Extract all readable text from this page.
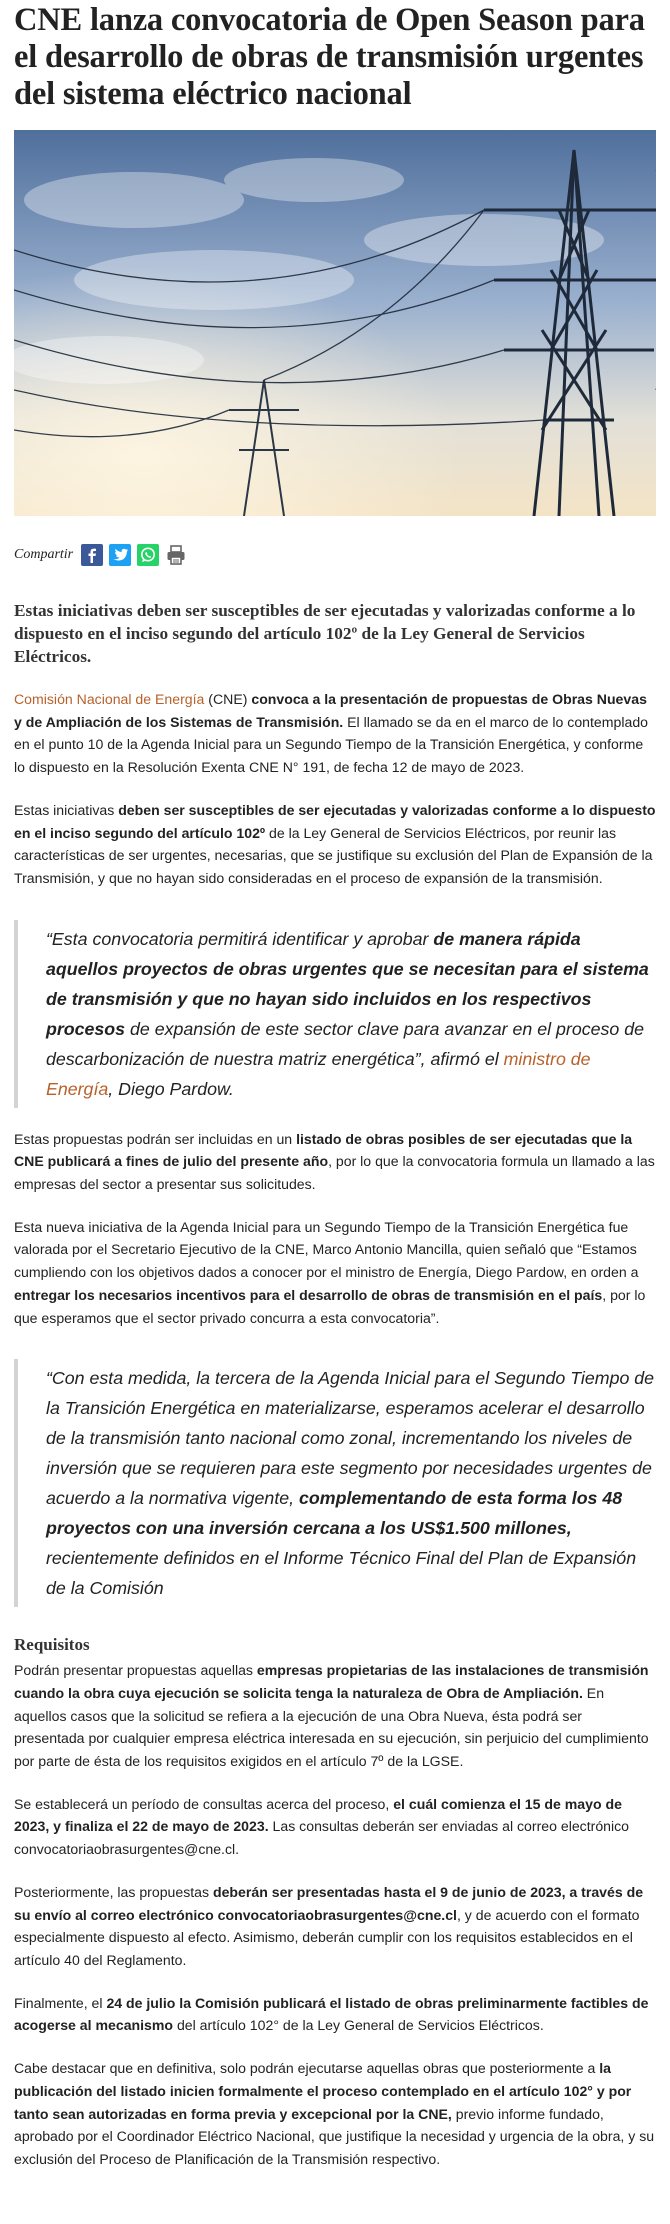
CNE lanza convocatoria de Open Season para el desarrollo de obras de transmisión urgentes del sistema eléctrico nacional
Compartir

Estas iniciativas deben ser susceptibles de ser ejecutadas y valorizadas conforme a lo dispuesto en el inciso segundo del artículo 102º de la Ley General de Servicios Eléctricos.

Comisión Nacional de Energía (CNE) convoca a la presentación de propuestas de Obras Nuevas y de Ampliación de los Sistemas de Transmisión. El llamado se da en el marco de lo contemplado en el punto 10 de la Agenda Inicial para un Segundo Tiempo de la Transición Energética, y conforme lo dispuesto en la Resolución Exenta CNE N° 191, de fecha 12 de mayo de 2023.

Estas iniciativas deben ser susceptibles de ser ejecutadas y valorizadas conforme a lo dispuesto en el inciso segundo del artículo 102º de la Ley General de Servicios Eléctricos, por reunir las características de ser urgentes, necesarias, que se justifique su exclusión del Plan de Expansión de la Transmisión, y que no hayan sido consideradas en el proceso de expansión de la transmisión.

“Esta convocatoria permitirá identificar y aprobar de manera rápida aquellos proyectos de obras urgentes que se necesitan para el sistema de transmisión y que no hayan sido incluidos en los respectivos procesos de expansión de este sector clave para avanzar en el proceso de descarbonización de nuestra matriz energética”, afirmó el ministro de Energía, Diego Pardow.

Estas propuestas podrán ser incluidas en un listado de obras posibles de ser ejecutadas que la CNE publicará a fines de julio del presente año, por lo que la convocatoria formula un llamado a las empresas del sector a presentar sus solicitudes.

Esta nueva iniciativa de la Agenda Inicial para un Segundo Tiempo de la Transición Energética fue valorada por el Secretario Ejecutivo de la CNE, Marco Antonio Mancilla, quien señaló que “Estamos cumpliendo con los objetivos dados a conocer por el ministro de Energía, Diego Pardow, en orden a entregar los necesarios incentivos para el desarrollo de obras de transmisión en el país, por lo que esperamos que el sector privado concurra a esta convocatoria”.

“Con esta medida, la tercera de la Agenda Inicial para el Segundo Tiempo de la Transición Energética en materializarse, esperamos acelerar el desarrollo de la transmisión tanto nacional como zonal, incrementando los niveles de inversión que se requieren para este segmento por necesidades urgentes de acuerdo a la normativa vigente, complementando de esta forma los 48 proyectos con una inversión cercana a los US$1.500 millones, recientemente definidos en el Informe Técnico Final del Plan de Expansión de la Comisión
Requisitos

Podrán presentar propuestas aquellas empresas propietarias de las instalaciones de transmisión cuando la obra cuya ejecución se solicita tenga la naturaleza de Obra de Ampliación. En aquellos casos que la solicitud se refiera a la ejecución de una Obra Nueva, ésta podrá ser presentada por cualquier empresa eléctrica interesada en su ejecución, sin perjuicio del cumplimiento por parte de ésta de los requisitos exigidos en el artículo 7º de la LGSE.

Se establecerá un período de consultas acerca del proceso, el cuál comienza el 15 de mayo de 2023, y finaliza el 22 de mayo de 2023. Las consultas deberán ser enviadas al correo electrónico convocatoriaobrasurgentes@cne.cl.

Posteriormente, las propuestas deberán ser presentadas hasta el 9 de junio de 2023, a través de su envío al correo electrónico convocatoriaobrasurgentes@cne.cl, y de acuerdo con el formato especialmente dispuesto al efecto. Asimismo, deberán cumplir con los requisitos establecidos en el artículo 40 del Reglamento.

Finalmente, el 24 de julio la Comisión publicará el listado de obras preliminarmente factibles de acogerse al mecanismo del artículo 102° de la Ley General de Servicios Eléctricos.

Cabe destacar que en definitiva, solo podrán ejecutarse aquellas obras que posteriormente a la publicación del listado inicien formalmente el proceso contemplado en el artículo 102° y por tanto sean autorizadas en forma previa y excepcional por la CNE, previo informe fundado, aprobado por el Coordinador Eléctrico Nacional, que justifique la necesidad y urgencia de la obra, y su exclusión del Proceso de Planificación de la Transmisión respectivo.
